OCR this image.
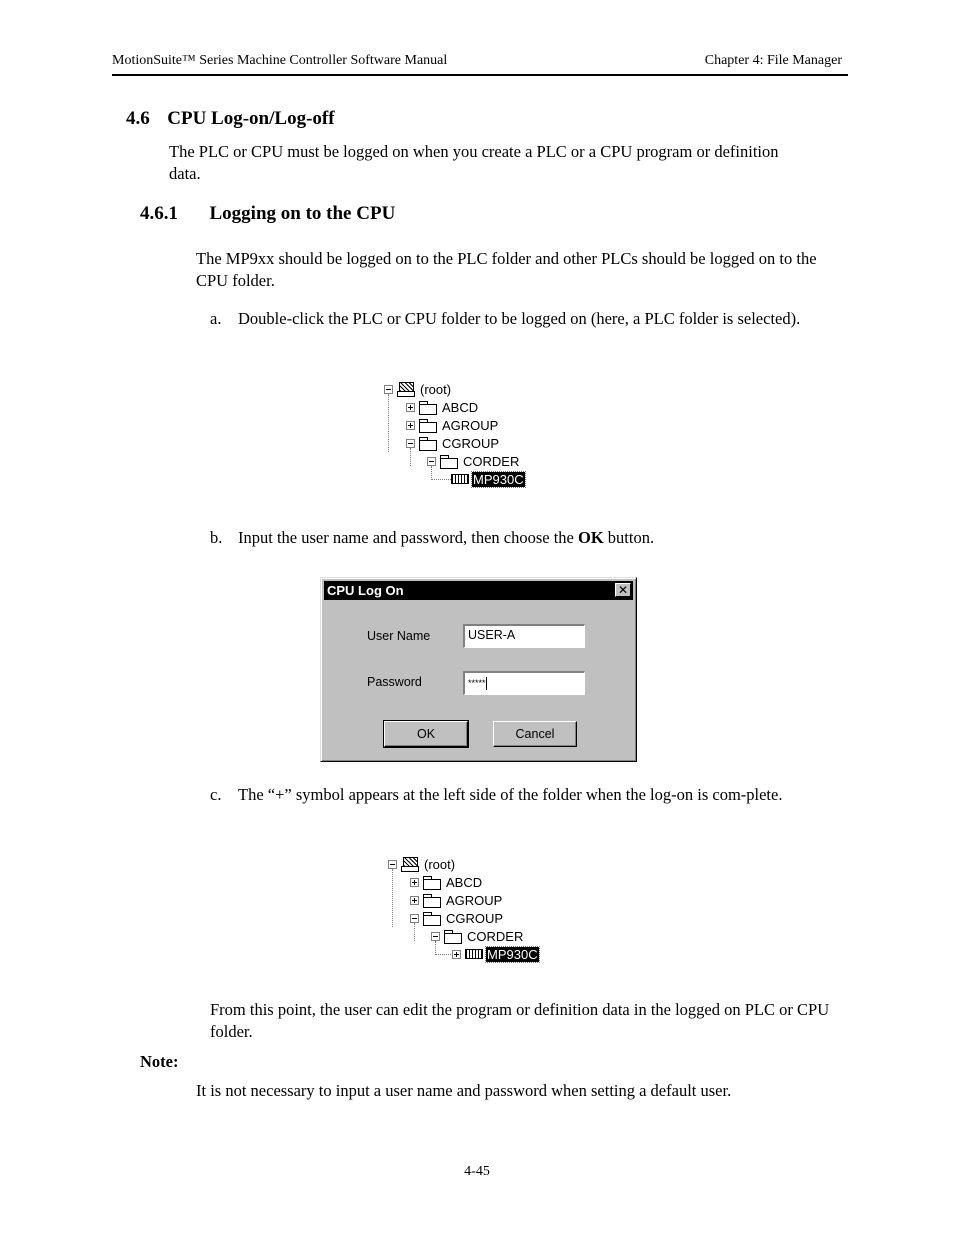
MotionSuite™ Series Machine Controller Software Manual	Chapter 4: File Manager
4.6 CPU Log-on/Log-off
The PLC or CPU must be logged on when you create a PLC or a CPU program or definition data.
4.6.1 Logging on to the CPU
The MP9xx should be logged on to the PLC folder and other PLCs should be logged on to the CPU folder.
a. Double-click the PLC or CPU folder to be logged on (here, a PLC folder is selected).
(root)
ABCD
AGROUP
CGROUP
CORDER
MP930C
b. Input the user name and password, then choose the OK button.
CPU Log On	✕
User Name	USER-A
Password	*****
OK	Cancel
c. The “+” symbol appears at the left side of the folder when the log-on is com-plete.
(root)
ABCD
AGROUP
CGROUP
CORDER
MP930C
From this point, the user can edit the program or definition data in the logged on PLC or CPU folder.
Note:
It is not necessary to input a user name and password when setting a default user.
4-45
